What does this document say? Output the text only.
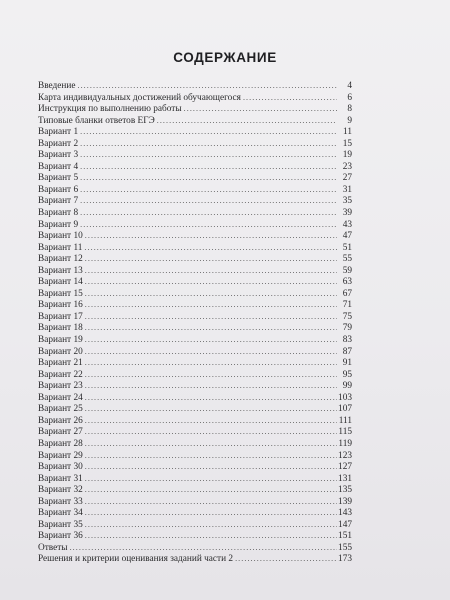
СОДЕРЖАНИЕ
Введение .....	4
Карта индивидуальных достижений обучающегося .....	6
Инструкция по выполнению работы .....	8
Типовые бланки ответов ЕГЭ .....	9
Вариант 1 .....	11
Вариант 2 .....	15
Вариант 3 .....	19
Вариант 4 .....	23
Вариант 5 .....	27
Вариант 6 .....	31
Вариант 7 .....	35
Вариант 8 .....	39
Вариант 9 .....	43
Вариант 10 .....	47
Вариант 11 .....	51
Вариант 12 .....	55
Вариант 13 .....	59
Вариант 14 .....	63
Вариант 15 .....	67
Вариант 16 .....	71
Вариант 17 .....	75
Вариант 18 .....	79
Вариант 19 .....	83
Вариант 20 .....	87
Вариант 21 .....	91
Вариант 22 .....	95
Вариант 23 .....	99
Вариант 24 .....	103
Вариант 25 .....	107
Вариант 26 .....	111
Вариант 27 .....	115
Вариант 28 .....	119
Вариант 29 .....	123
Вариант 30 .....	127
Вариант 31 .....	131
Вариант 32 .....	135
Вариант 33 .....	139
Вариант 34 .....	143
Вариант 35 .....	147
Вариант 36 .....	151
Ответы .....	155
Решения и критерии оценивания заданий части 2 .....	173
